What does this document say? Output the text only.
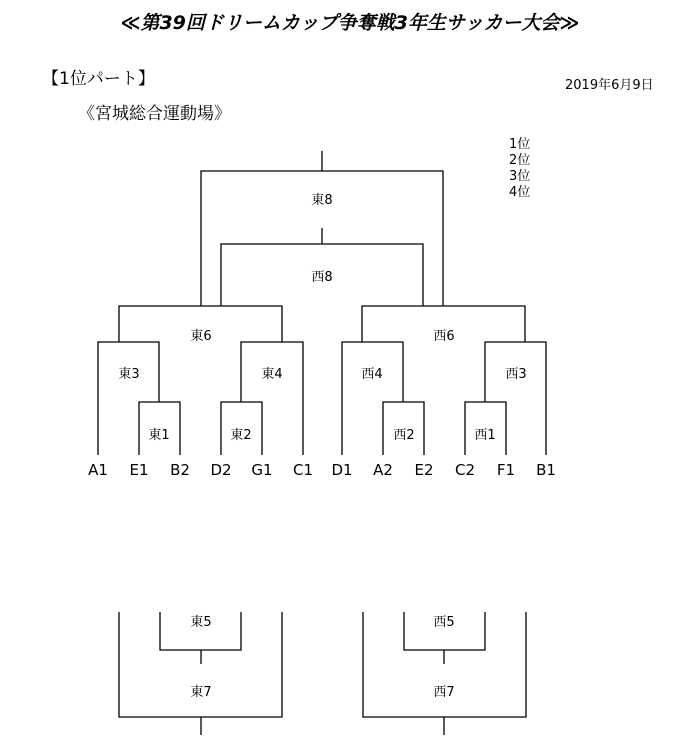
≪第39回ドリームカップ争奪戦3年生サッカー大会≫
【1位パート】	2019年6月9日
《宮城総合運動場》
1位
2位
3位
4位
東8
西8
東6	西6
東3	東4	西4	西3
東1	東2	西2	西1
A1 E1 B2 D2 G1 C1 D1 A2 E2 C2 F1 B1
東5	西5
東7	西7
